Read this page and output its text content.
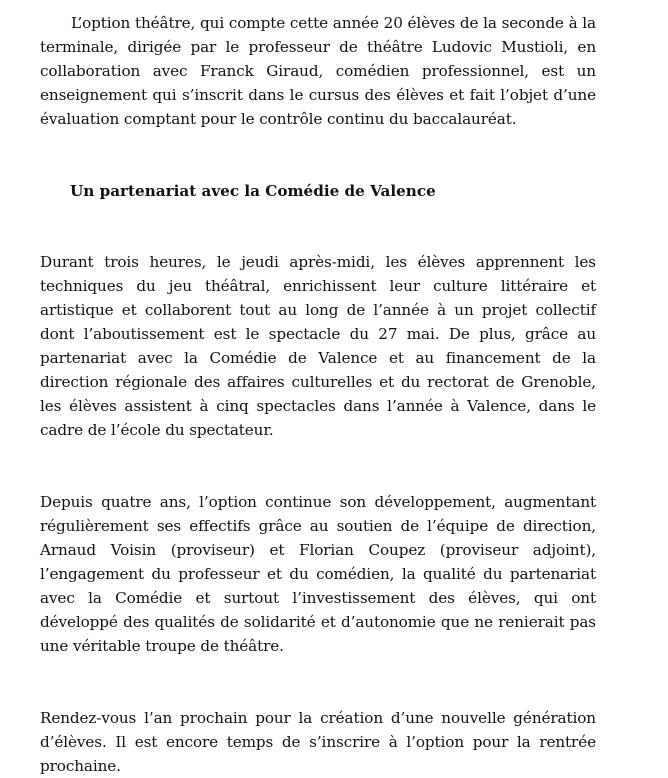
L’option théâtre, qui compte cette année 20 élèves de la seconde à la terminale, dirigée par le professeur de théâtre Ludovic Mustioli, en collaboration avec Franck Giraud, comédien professionnel, est un enseignement qui s’inscrit dans le cursus des élèves et fait l’objet d’une évaluation comptant pour le contrôle continu du baccalauréat.

Un partenariat avec la Comédie de Valence

Durant trois heures, le jeudi après-midi, les élèves apprennent les techniques du jeu théâtral, enrichissent leur culture littéraire et artistique et collaborent tout au long de l’année à un projet collectif dont l’aboutissement est le spectacle du 27 mai. De plus, grâce au partenariat avec la Comédie de Valence et au financement de la direction régionale des affaires culturelles et du rectorat de Grenoble, les élèves assistent à cinq spectacles dans l’année à Valence, dans le cadre de l’école du spectateur.

Depuis quatre ans, l’option continue son développement, augmentant régulièrement ses effectifs grâce au soutien de l’équipe de direction, Arnaud Voisin (proviseur) et Florian Coupez (proviseur adjoint), l’engagement du professeur et du comédien, la qualité du partenariat avec la Comédie et surtout l’investissement des élèves, qui ont développé des qualités de solidarité et d’autonomie que ne renierait pas une véritable troupe de théâtre.

Rendez-vous l’an prochain pour la création d’une nouvelle génération d’élèves. Il est encore temps de s’inscrire à l’option pour la rentrée prochaine.
